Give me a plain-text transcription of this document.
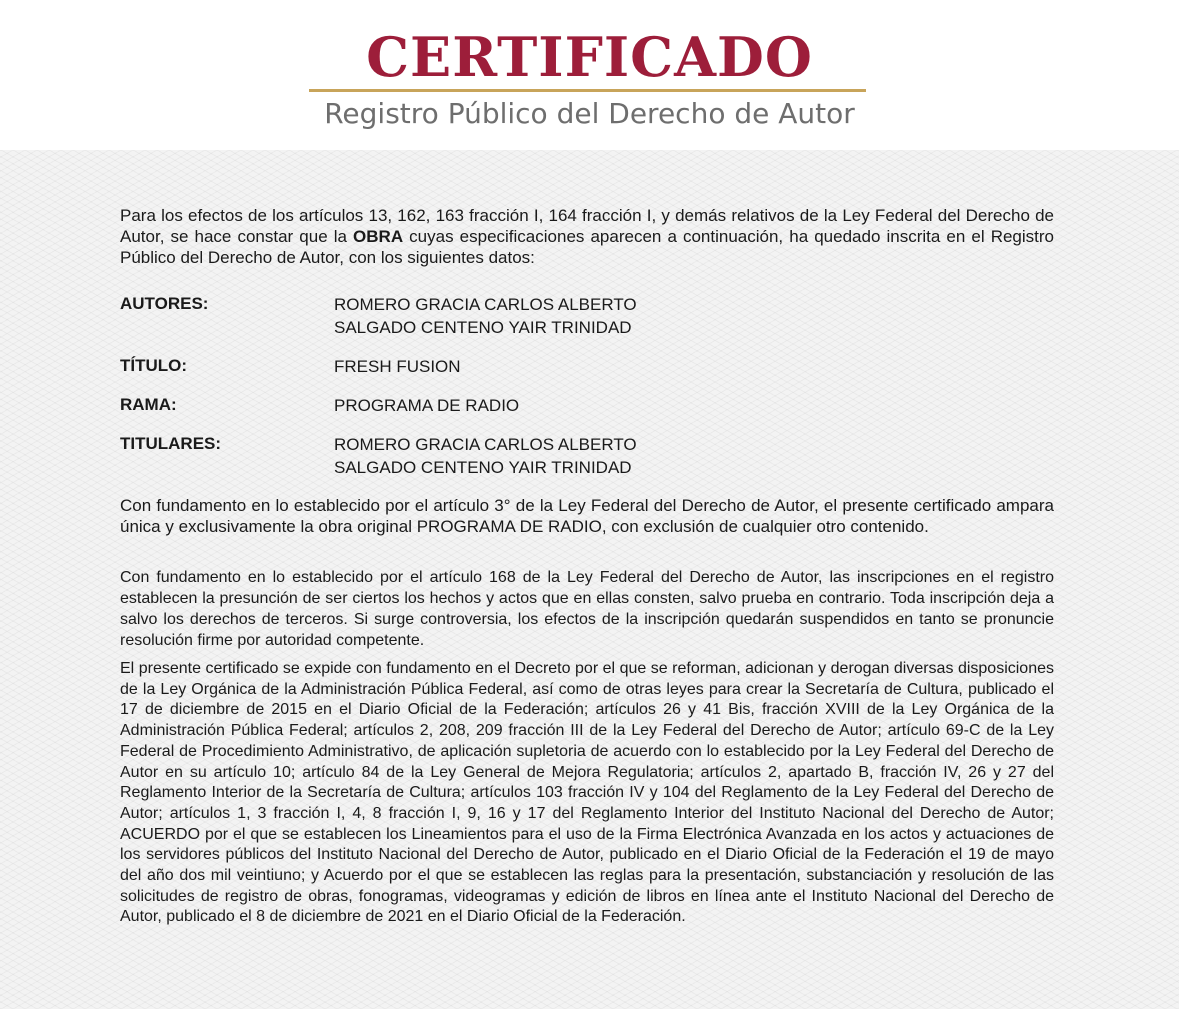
CERTIFICADO
Registro Público del Derecho de Autor

Para los efectos de los artículos 13, 162, 163 fracción I, 164 fracción I, y demás relativos de la Ley Federal del Derecho de Autor, se hace constar que la OBRA cuyas especificaciones aparecen a continuación, ha quedado inscrita en el Registro Público del Derecho de Autor, con los siguientes datos:

AUTORES:	ROMERO GRACIA CARLOS ALBERTO
SALGADO CENTENO YAIR TRINIDAD
TÍTULO:	FRESH FUSION
RAMA:	PROGRAMA DE RADIO
TITULARES:	ROMERO GRACIA CARLOS ALBERTO
SALGADO CENTENO YAIR TRINIDAD

Con fundamento en lo establecido por el artículo 3° de la Ley Federal del Derecho de Autor, el presente certificado ampara única y exclusivamente la obra original PROGRAMA DE RADIO, con exclusión de cualquier otro contenido.

Con fundamento en lo establecido por el artículo 168 de la Ley Federal del Derecho de Autor, las inscripciones en el registro establecen la presunción de ser ciertos los hechos y actos que en ellas consten, salvo prueba en contrario. Toda inscripción deja a salvo los derechos de terceros. Si surge controversia, los efectos de la inscripción quedarán suspendidos en tanto se pronuncie resolución firme por autoridad competente.

El presente certificado se expide con fundamento en el Decreto por el que se reforman, adicionan y derogan diversas disposiciones de la Ley Orgánica de la Administración Pública Federal, así como de otras leyes para crear la Secretaría de Cultura, publicado el 17 de diciembre de 2015 en el Diario Oficial de la Federación; artículos 26 y 41 Bis, fracción XVIII de la Ley Orgánica de la Administración Pública Federal; artículos 2, 208, 209 fracción III de la Ley Federal del Derecho de Autor; artículo 69-C de la Ley Federal de Procedimiento Administrativo, de aplicación supletoria de acuerdo con lo establecido por la Ley Federal del Derecho de Autor en su artículo 10; artículo 84 de la Ley General de Mejora Regulatoria; artículos 2, apartado B, fracción IV, 26 y 27 del Reglamento Interior de la Secretaría de Cultura; artículos 103 fracción IV y 104 del Reglamento de la Ley Federal del Derecho de Autor; artículos 1, 3 fracción I, 4, 8 fracción I, 9, 16 y 17 del Reglamento Interior del Instituto Nacional del Derecho de Autor; ACUERDO por el que se establecen los Lineamientos para el uso de la Firma Electrónica Avanzada en los actos y actuaciones de los servidores públicos del Instituto Nacional del Derecho de Autor, publicado en el Diario Oficial de la Federación el 19 de mayo del año dos mil veintiuno; y Acuerdo por el que se establecen las reglas para la presentación, substanciación y resolución de las solicitudes de registro de obras, fonogramas, videogramas y edición de libros en línea ante el Instituto Nacional del Derecho de Autor, publicado el 8 de diciembre de 2021 en el Diario Oficial de la Federación.
